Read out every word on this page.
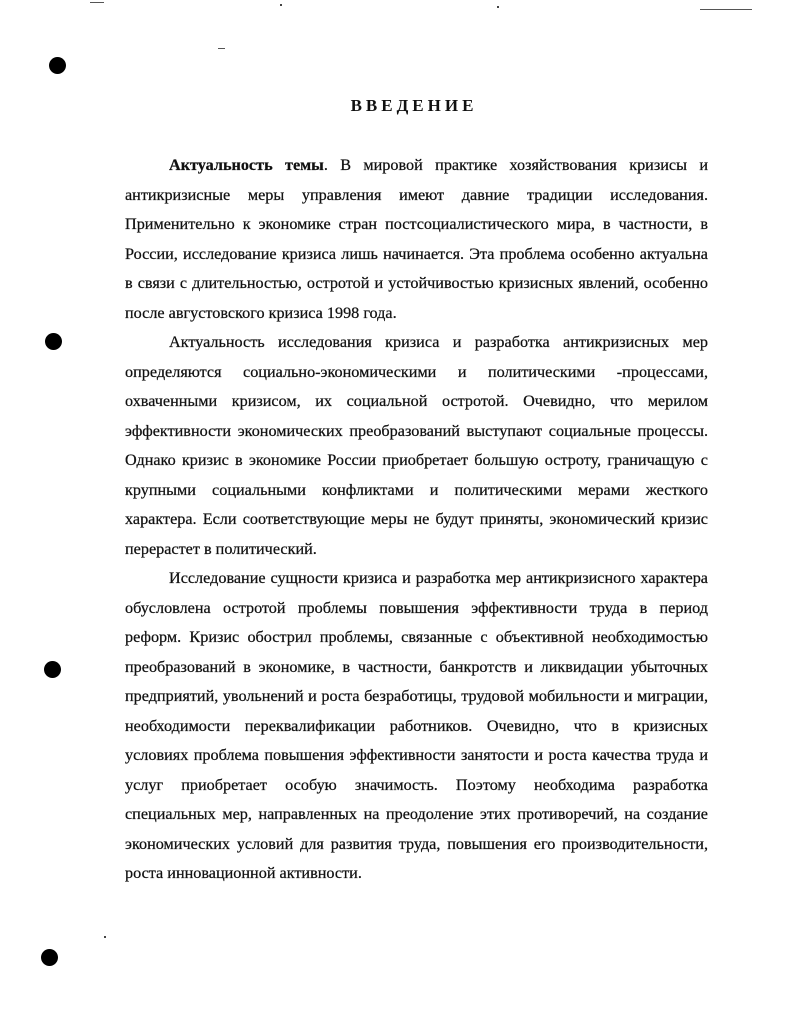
ВВЕДЕНИЕ

Актуальность темы. В мировой практике хозяйствования кризисы и антикризисные меры управления имеют давние традиции исследования. Применительно к экономике стран постсоциалистического мира, в частности, в России, исследование кризиса лишь начинается. Эта проблема особенно актуальна в связи с длительностью, остротой и устойчивостью кризисных явлений, особенно после августовского кризиса 1998 года.

Актуальность исследования кризиса и разработка антикризисных мер определяются социально-экономическими и политическими -процессами, охваченными кризисом, их социальной остротой. Очевидно, что мерилом эффективности экономических преобразований выступают социальные процессы. Однако кризис в экономике России приобретает большую остроту, граничащую с крупными социальными конфликтами и политическими мерами жесткого характера. Если соответствующие меры не будут приняты, экономический кризис перерастет в политический.

Исследование сущности кризиса и разработка мер антикризисного характера обусловлена остротой проблемы повышения эффективности труда в период реформ. Кризис обострил проблемы, связанные с объективной необходимостью преобразований в экономике, в частности, банкротств и ликвидации убыточных предприятий, увольнений и роста безработицы, трудовой мобильности и миграции, необходимости переквалификации работников. Очевидно, что в кризисных условиях проблема повышения эффективности занятости и роста качества труда и услуг приобретает особую значимость. Поэтому необходима разработка специальных мер, направленных на преодоление этих противоречий, на создание экономических условий для развития труда, повышения его производительности, роста инновационной активности.
